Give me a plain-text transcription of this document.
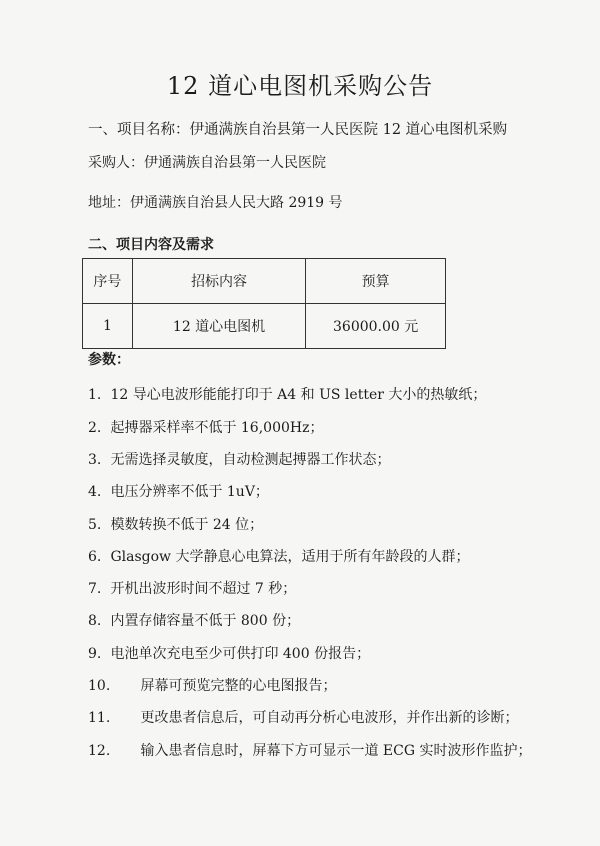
12 道心电图机采购公告
一、项目名称：伊通满族自治县第一人民医院 12 道心电图机采购
采购人：伊通满族自治县第一人民医院
地址：伊通满族自治县人民大路 2919 号
二、项目内容及需求
序号	招标内容	预算
1	12 道心电图机	36000.00 元
参数：
1. 12 导心电波形能能打印于 A4 和 US letter 大小的热敏纸；
2. 起搏器采样率不低于 16,000Hz；
3. 无需选择灵敏度，自动检测起搏器工作状态；
4. 电压分辨率不低于 1uV；
5. 模数转换不低于 24 位；
6. Glasgow 大学静息心电算法，适用于所有年龄段的人群；
7. 开机出波形时间不超过 7 秒；
8. 内置存储容量不低于 800 份；
9. 电池单次充电至少可供打印 400 份报告；
10. 屏幕可预览完整的心电图报告；
11. 更改患者信息后，可自动再分析心电波形，并作出新的诊断；
12. 输入患者信息时，屏幕下方可显示一道 ECG 实时波形作监护；
